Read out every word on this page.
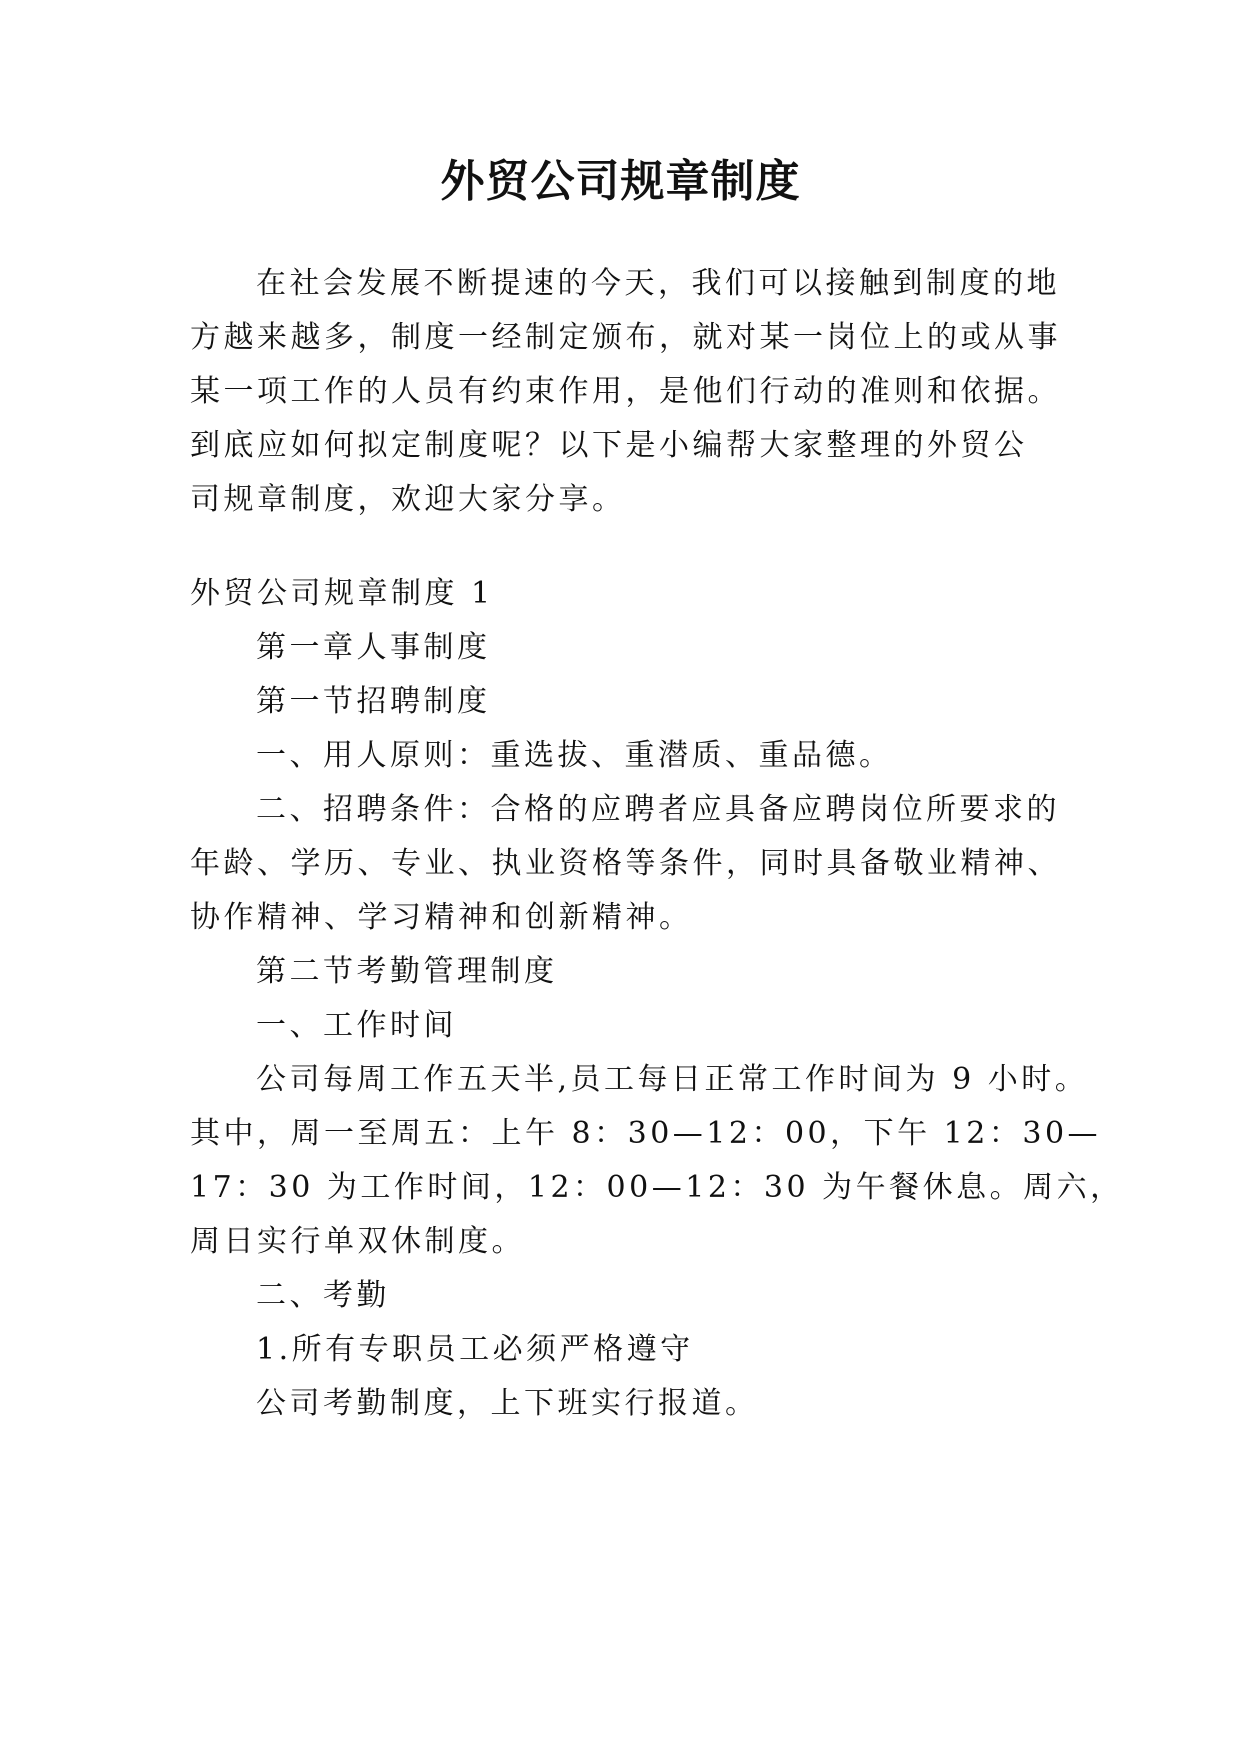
外贸公司规章制度
在社会发展不断提速的今天，我们可以接触到制度的地
方越来越多，制度一经制定颁布，就对某一岗位上的或从事
某一项工作的人员有约束作用，是他们行动的准则和依据。
到底应如何拟定制度呢？以下是小编帮大家整理的外贸公
司规章制度，欢迎大家分享。
外贸公司规章制度 1
第一章人事制度
第一节招聘制度
一、用人原则：重选拔、重潜质、重品德。
二、招聘条件：合格的应聘者应具备应聘岗位所要求的
年龄、学历、专业、执业资格等条件，同时具备敬业精神、
协作精神、学习精神和创新精神。
第二节考勤管理制度
一、工作时间
公司每周工作五天半,员工每日正常工作时间为 9 小时。
其中，周一至周五：上午 8：30—12：00，下午 12：30—
17：30 为工作时间，12：00—12：30 为午餐休息。周六，
周日实行单双休制度。
二、考勤
1.所有专职员工必须严格遵守
公司考勤制度，上下班实行报道。
